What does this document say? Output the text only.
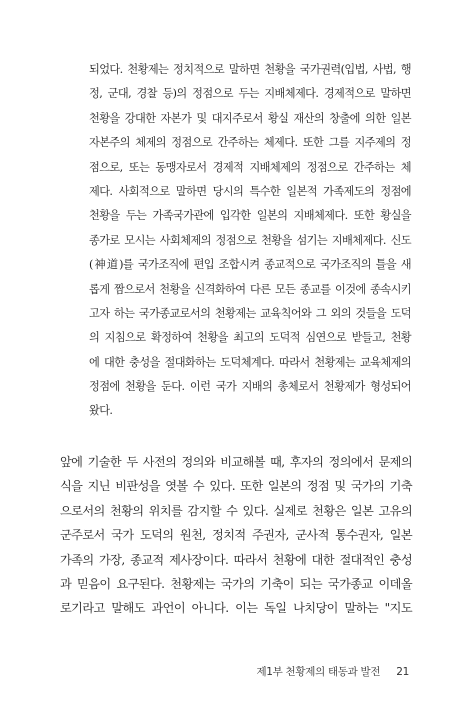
되었다. 천황제는 정치적으로 말하면 천황을 국가권력(입법, 사법, 행
정, 군대, 경찰 등)의 정점으로 두는 지배체제다. 경제적으로 말하면
천황을 강대한 자본가 및 대지주로서 황실 재산의 창출에 의한 일본
자본주의 체제의 정점으로 간주하는 체제다. 또한 그를 지주제의 정
점으로, 또는 동맹자로서 경제적 지배체제의 정점으로 간주하는 체
제다. 사회적으로 말하면 당시의 특수한 일본적 가족제도의 정점에
천황을 두는 가족국가관에 입각한 일본의 지배체제다. 또한 황실을
종가로 모시는 사회체제의 정점으로 천황을 섬기는 지배체제다. 신도
(神道)를 국가조직에 편입 조합시켜 종교적으로 국가조직의 틀을 새
롭게 짬으로서 천황을 신격화하여 다른 모든 종교를 이것에 종속시키
고자 하는 국가종교로서의 천황제는 교육칙어와 그 외의 것들을 도덕
의 지침으로 확정하여 천황을 최고의 도덕적 심연으로 받들고, 천황
에 대한 충성을 절대화하는 도덕체계다. 따라서 천황제는 교육체제의
정점에 천황을 둔다. 이런 국가 지배의 총체로서 천황제가 형성되어
왔다.
앞에 기술한 두 사전의 정의와 비교해볼 때, 후자의 정의에서 문제의
식을 지닌 비판성을 엿볼 수 있다. 또한 일본의 정점 및 국가의 기축
으로서의 천황의 위치를 감지할 수 있다. 실제로 천황은 일본 고유의
군주로서 국가 도덕의 원천, 정치적 주권자, 군사적 통수권자, 일본
가족의 가장, 종교적 제사장이다. 따라서 천황에 대한 절대적인 충성
과 믿음이 요구된다. 천황제는 국가의 기축이 되는 국가종교 이데올
로기라고 말해도 과언이 아니다. 이는 독일 나치당이 말하는 "지도
제1부 천황제의 태동과 발전 21
